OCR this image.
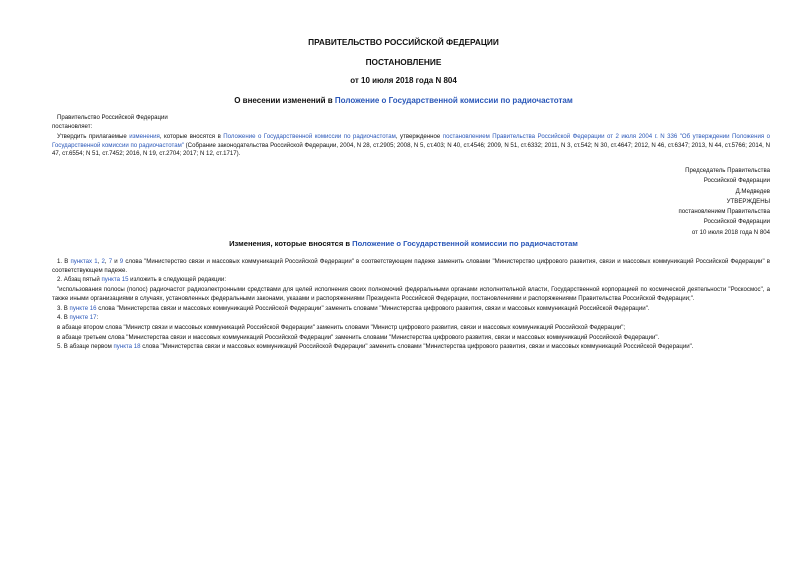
ПРАВИТЕЛЬСТВО РОССИЙСКОЙ ФЕДЕРАЦИИ
ПОСТАНОВЛЕНИЕ
от 10 июля 2018 года N 804
О внесении изменений в Положение о Государственной комиссии по радиочастотам
Правительство Российской Федерации
постановляет:
Утвердить прилагаемые изменения, которые вносятся в Положение о Государственной комиссии по радиочастотам, утвержденное постановлением Правительства Российской Федерации от 2 июля 2004 г. N 336 "Об утверждении Положения о Государственной комиссии по радиочастотам" (Собрание законодательства Российской Федерации, 2004, N 28, ст.2905; 2008, N 5, ст.403; N 40, ст.4546; 2009, N 51, ст.6332; 2011, N 3, ст.542; N 30, ст.4647; 2012, N 46, ст.6347; 2013, N 44, ст.5766; 2014, N 47, ст.6554; N 51, ст.7452; 2016, N 19, ст.2704; 2017; N 12, ст.1717).
Председатель Правительства
Российской Федерации
Д.Медведев
УТВЕРЖДЕНЫ
постановлением Правительства
Российской Федерации
от 10 июля 2018 года N 804
Изменения, которые вносятся в Положение о Государственной комиссии по радиочастотам

1. В пунктах 1, 2, 7 и 9 слова "Министерство связи и массовых коммуникаций Российской Федерации" в соответствующем падеже заменить словами "Министерство цифрового развития, связи и массовых коммуникаций Российской Федерации" в соответствующем падеже.

2. Абзац пятый пункта 15 изложить в следующей редакции:

"использования полосы (полос) радиочастот радиоэлектронными средствами для целей исполнения своих полномочий федеральными органами исполнительной власти, Государственной корпорацией по космической деятельности "Роскосмос", а также иными организациями в случаях, установленных федеральными законами, указами и распоряжениями Президента Российской Федерации, постановлениями и распоряжениями Правительства Российской Федерации;".

3. В пункте 16 слова "Министерства связи и массовых коммуникаций Российской Федерации" заменить словами "Министерства цифрового развития, связи и массовых коммуникаций Российской Федерации".

4. В пункте 17:

в абзаце втором слова "Министр связи и массовых коммуникаций Российской Федерации" заменить словами "Министр цифрового развития, связи и массовых коммуникаций Российской Федерации";

в абзаце третьем слова "Министерства связи и массовых коммуникаций Российской Федерации" заменить словами "Министерства цифрового развития, связи и массовых коммуникаций Российской Федерации".

5. В абзаце первом пункта 18 слова "Министерства связи и массовых коммуникаций Российской Федерации" заменить словами "Министерства цифрового развития, связи и массовых коммуникаций Российской Федерации".
